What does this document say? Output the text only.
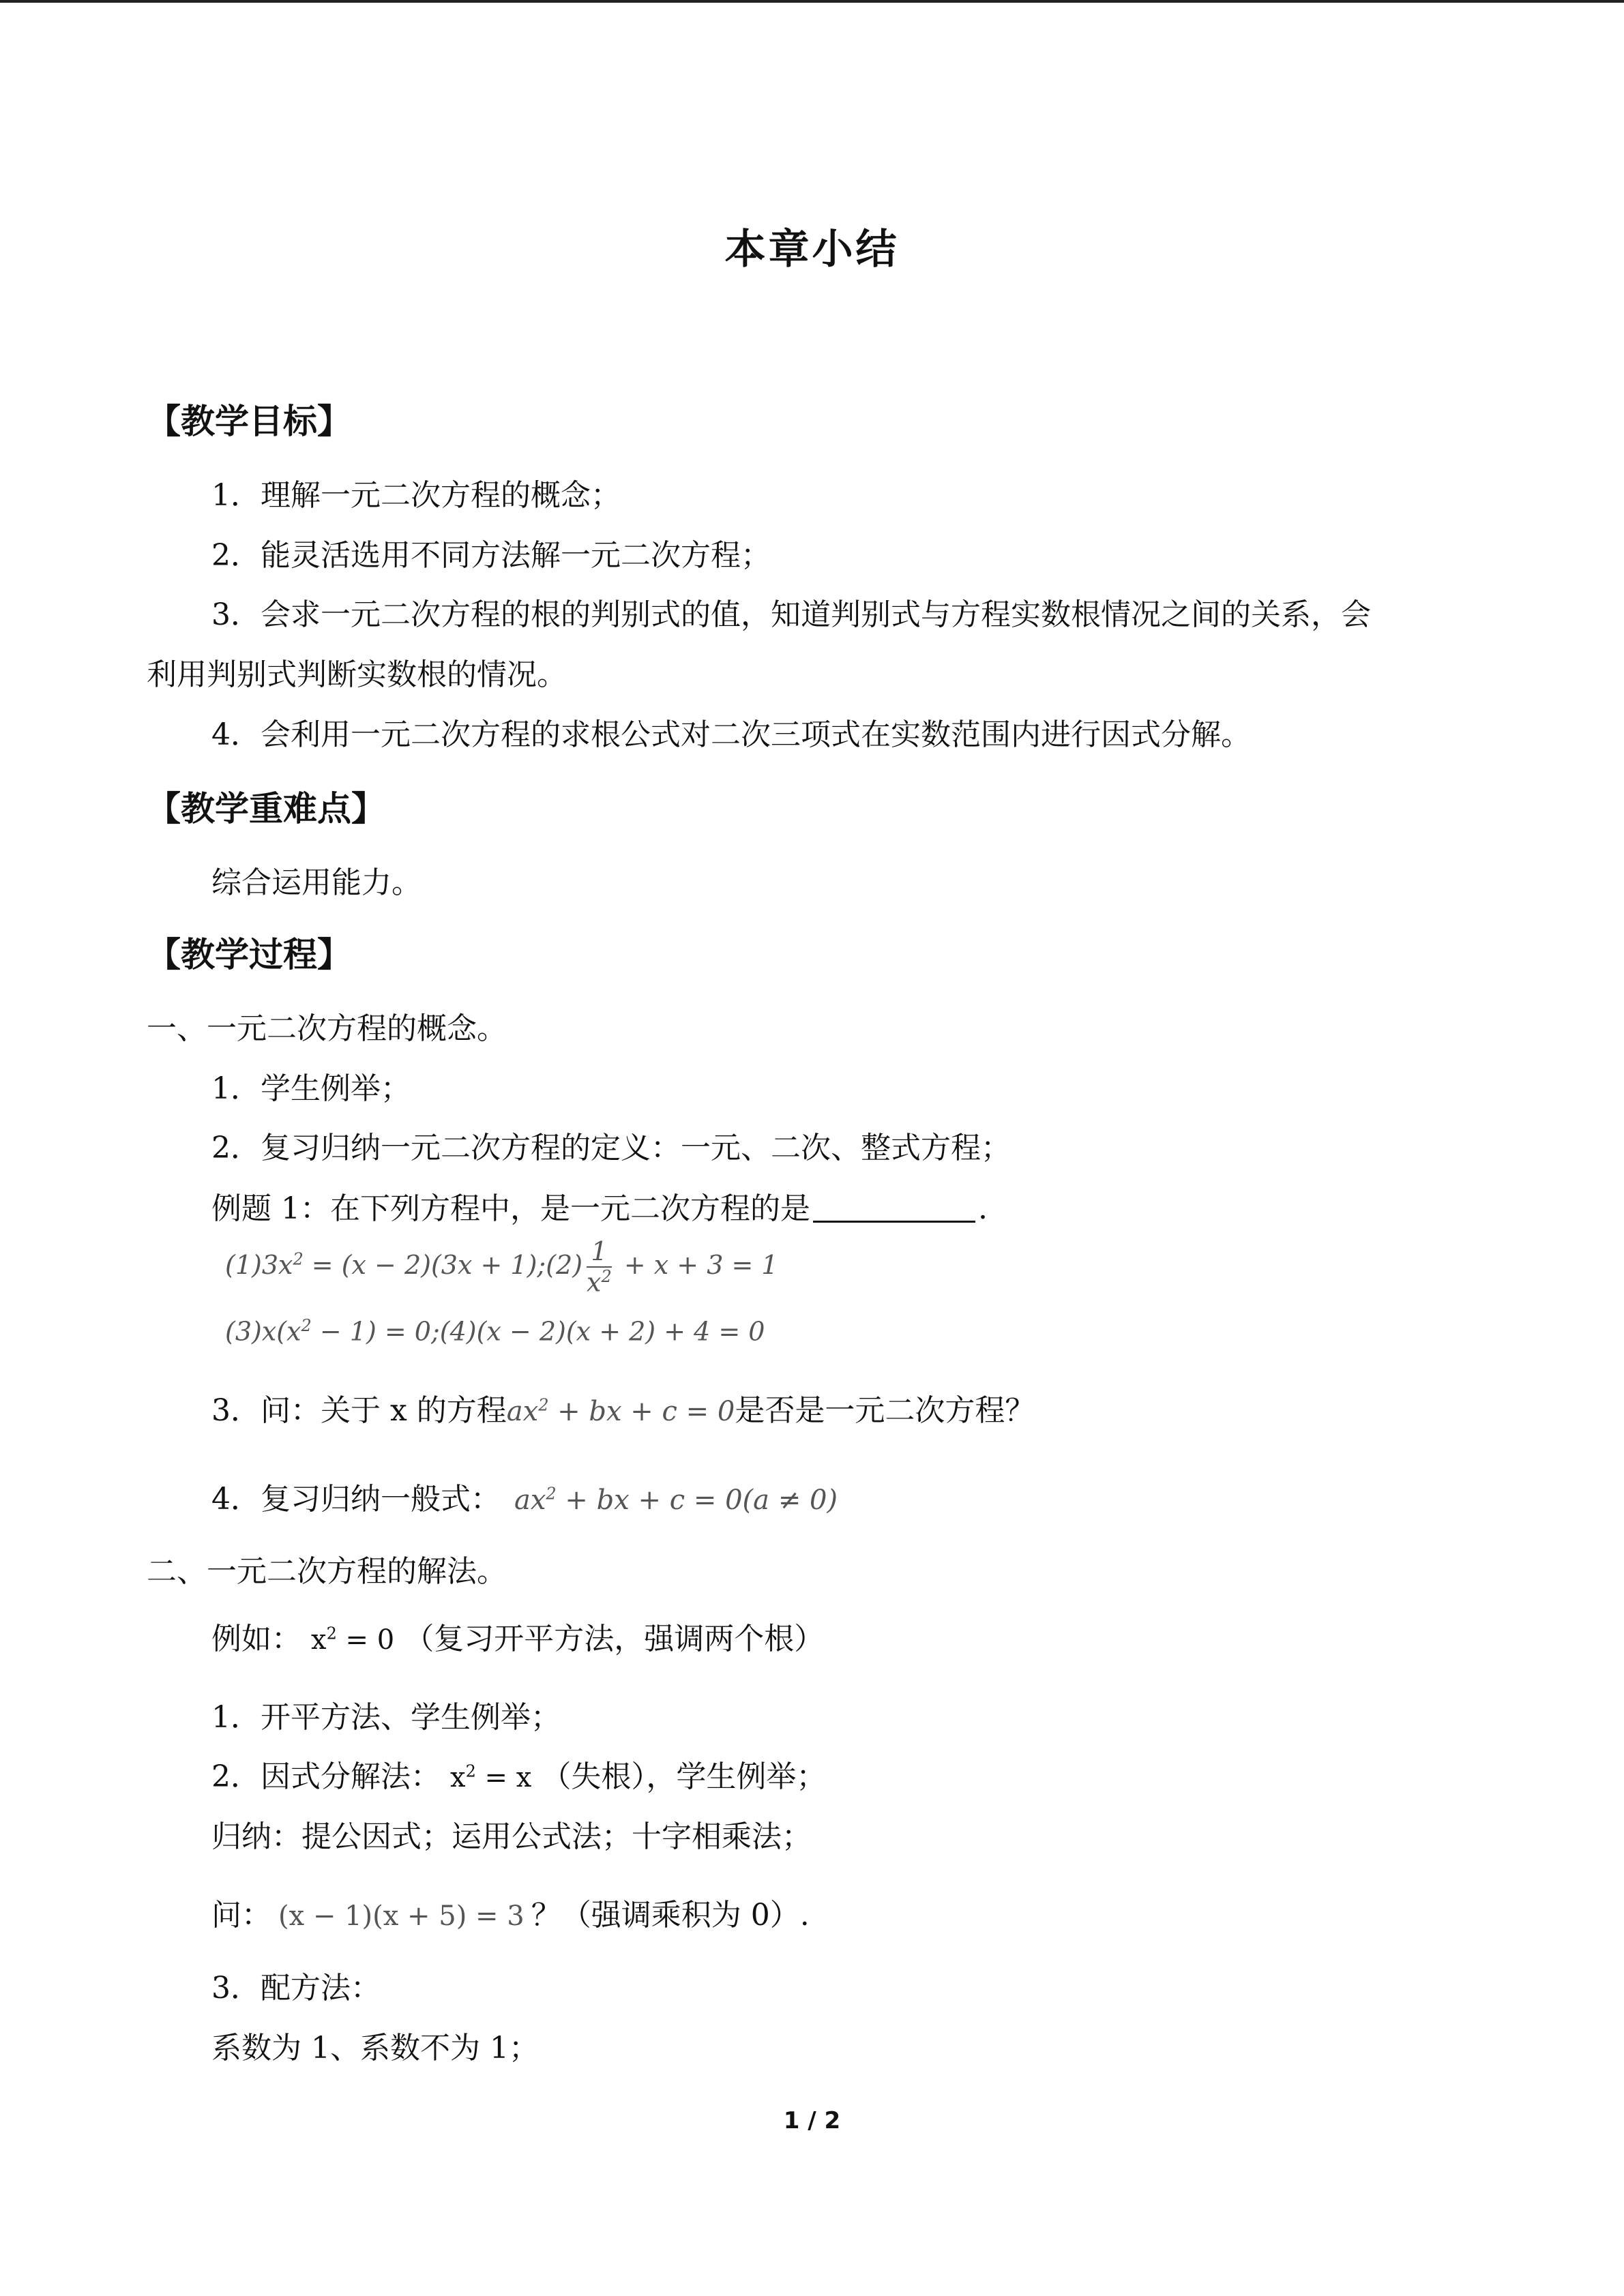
本章小结
【教学目标】
1．理解一元二次方程的概念；
2．能灵活选用不同方法解一元二次方程；
3．会求一元二次方程的根的判别式的值，知道判别式与方程实数根情况之间的关系，会
利用判别式判断实数根的情况。
4．会利用一元二次方程的求根公式对二次三项式在实数范围内进行因式分解。
【教学重难点】
综合运用能力。
【教学过程】
一、一元二次方程的概念。
1．学生例举；
2．复习归纳一元二次方程的定义：一元、二次、整式方程；
例题 1：在下列方程中，是一元二次方程的是	.
$(1)3x^2 = (x - 2)(3x$ + 1);(2) $\frac{1}{x^2} + x + 3 = 1$
$(3)x(x^2 - 1)$ = 0;(4)(x − 2)(x + 2) + 4 = 0
3．问：关于 x 的方程$ax^2$ + bx + c = 0是否是一元二次方程？
4．复习归纳一般式： $ax^2$ + bx + c = 0(a ≠ 0)
二、一元二次方程的解法。
例如： $x^2 = 0$ （复习开平方法，强调两个根）
1．开平方法、学生例举；
2．因式分解法： $x^2 = x$ （失根），学生例举；
归纳：提公因式；运用公式法；十字相乘法；
问： (x − 1)(x + 5) = 3 ？（强调乘积为 0）.
3．配方法：
系数为 1、系数不为 1；
1 / 2
